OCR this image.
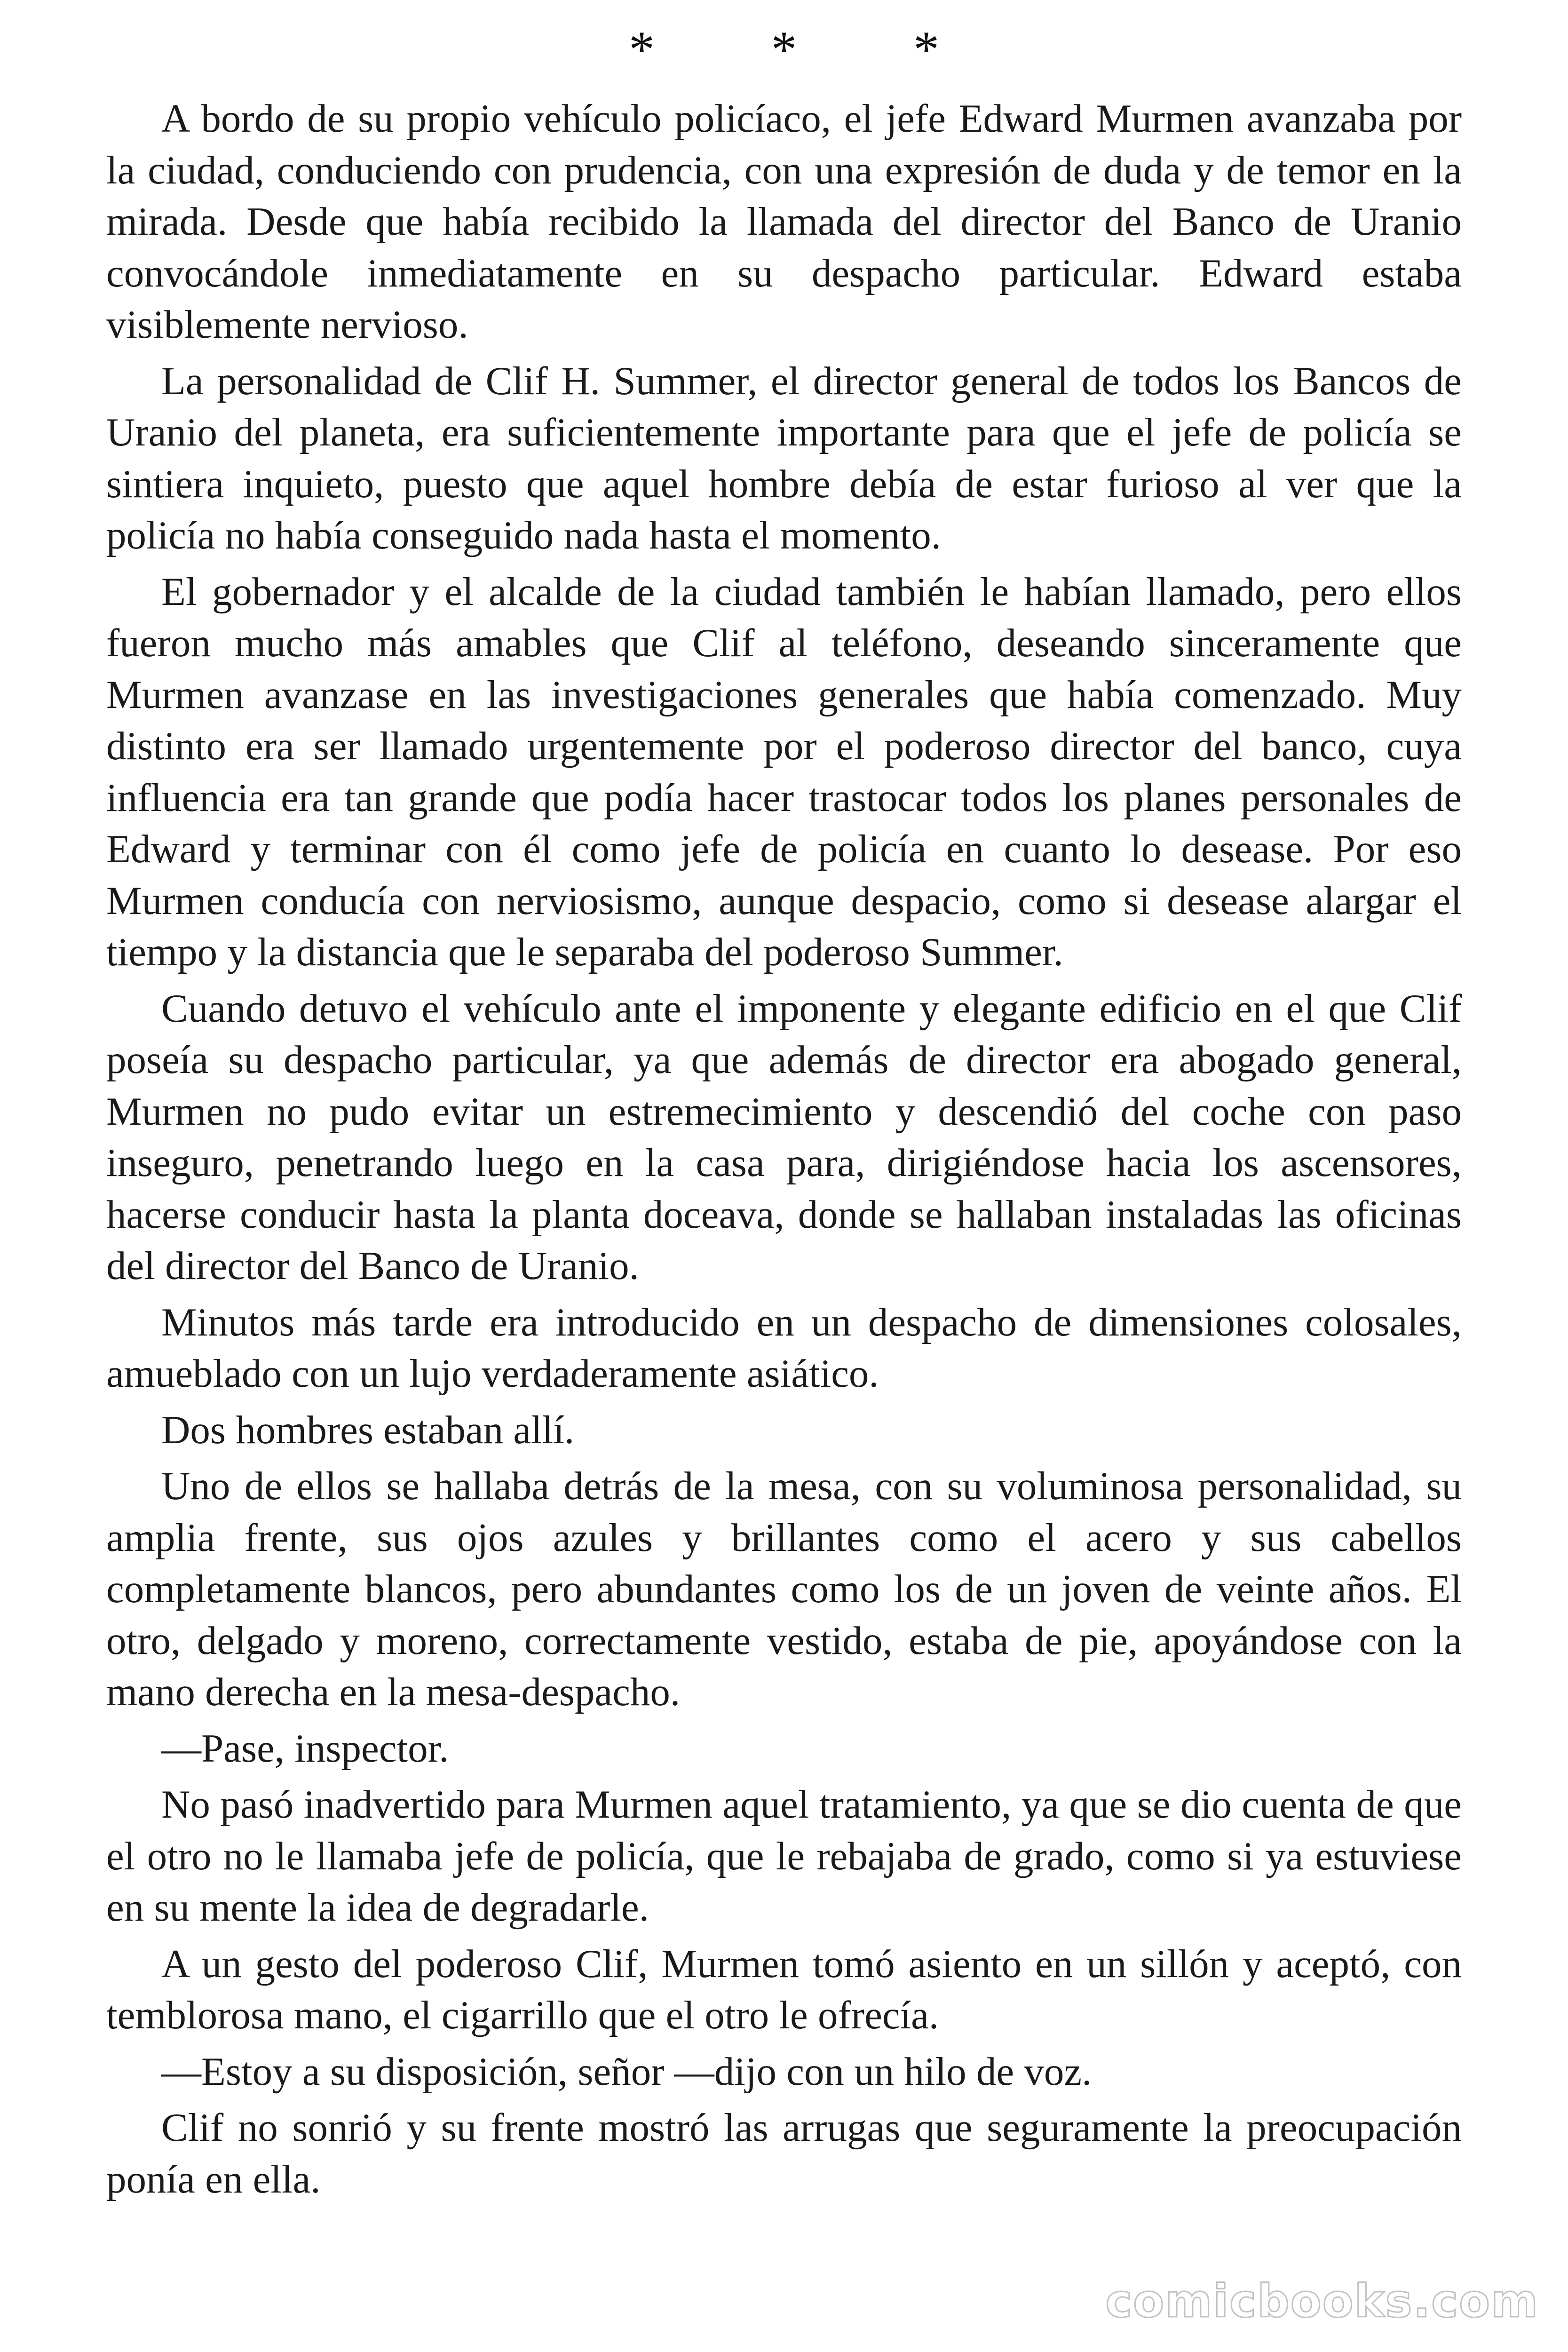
* * *

A bordo de su propio vehículo policíaco, el jefe Edward Murmen avanzaba por la ciudad, conduciendo con prudencia, con una expresión de duda y de temor en la mirada. Desde que había recibido la llamada del director del Banco de Uranio convocándole inmediatamente en su despacho particular. Edward estaba visiblemente nervioso.

La personalidad de Clif H. Summer, el director general de todos los Bancos de Uranio del planeta, era suficientemente importante para que el jefe de policía se sintiera inquieto, puesto que aquel hombre debía de estar furioso al ver que la policía no había conseguido nada hasta el momento.

El gobernador y el alcalde de la ciudad también le habían llamado, pero ellos fueron mucho más amables que Clif al teléfono, deseando sinceramente que Murmen avanzase en las investigaciones generales que había comenzado. Muy distinto era ser llamado urgentemente por el poderoso director del banco, cuya influencia era tan grande que podía hacer trastocar todos los planes personales de Edward y terminar con él como jefe de policía en cuanto lo desease. Por eso Murmen conducía con nerviosismo, aunque despacio, como si desease alargar el tiempo y la distancia que le separaba del poderoso Summer.

Cuando detuvo el vehículo ante el imponente y elegante edificio en el que Clif poseía su despacho particular, ya que además de director era abogado general, Murmen no pudo evitar un estremecimiento y descendió del coche con paso inseguro, penetrando luego en la casa para, dirigiéndose hacia los ascensores, hacerse conducir hasta la planta doceava, donde se hallaban instaladas las oficinas del director del Banco de Uranio.

Minutos más tarde era introducido en un despacho de dimensiones colosales, amueblado con un lujo verdaderamente asiático.

Dos hombres estaban allí.

Uno de ellos se hallaba detrás de la mesa, con su voluminosa personalidad, su amplia frente, sus ojos azules y brillantes como el acero y sus cabellos completamente blancos, pero abundantes como los de un joven de veinte años. El otro, delgado y moreno, correctamente vestido, estaba de pie, apoyándose con la mano derecha en la mesa-despacho.

—Pase, inspector.

No pasó inadvertido para Murmen aquel tratamiento, ya que se dio cuenta de que el otro no le llamaba jefe de policía, que le rebajaba de grado, como si ya estuviese en su mente la idea de degradarle.

A un gesto del poderoso Clif, Murmen tomó asiento en un sillón y aceptó, con temblorosa mano, el cigarrillo que el otro le ofrecía.

—Estoy a su disposición, señor —dijo con un hilo de voz.

Clif no sonrió y su frente mostró las arrugas que seguramente la preocupación ponía en ella.

comicbooks.com
